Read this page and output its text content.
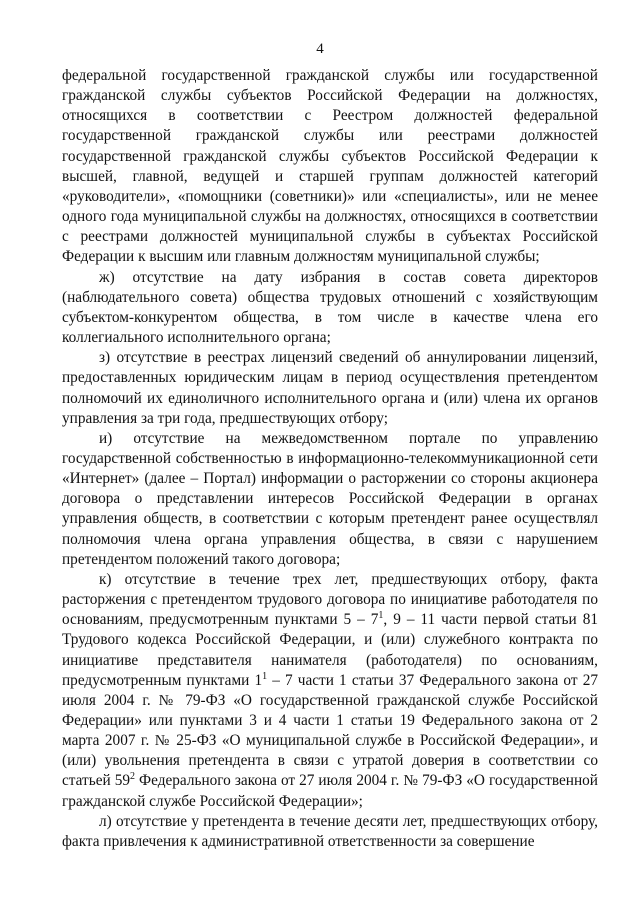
4

федеральной государственной гражданской службы или государственной гражданской службы субъектов Российской Федерации на должностях, относящихся в соответствии с Реестром должностей федеральной государственной гражданской службы или реестрами должностей государственной гражданской службы субъектов Российской Федерации к высшей, главной, ведущей и старшей группам должностей категорий «руководители», «помощники (советники)» или «специалисты», или не менее одного года муниципальной службы на должностях, относящихся в соответствии с реестрами должностей муниципальной службы в субъектах Российской Федерации к высшим или главным должностям муниципальной службы;

ж) отсутствие на дату избрания в состав совета директоров (наблюдательного совета) общества трудовых отношений с хозяйствующим субъектом-конкурентом общества, в том числе в качестве члена его коллегиального исполнительного органа;

з) отсутствие в реестрах лицензий сведений об аннулировании лицензий, предоставленных юридическим лицам в период осуществления претендентом полномочий их единоличного исполнительного органа и (или) члена их органов управления за три года, предшествующих отбору;

и) отсутствие на межведомственном портале по управлению государственной собственностью в информационно-телекоммуникационной сети «Интернет» (далее – Портал) информации о расторжении со стороны акционера договора о представлении интересов Российской Федерации в органах управления обществ, в соответствии с которым претендент ранее осуществлял полномочия члена органа управления общества, в связи с нарушением претендентом положений такого договора;

к) отсутствие в течение трех лет, предшествующих отбору, факта расторжения с претендентом трудового договора по инициативе работодателя по основаниям, предусмотренным пунктами $5 - 7^1$, 9 – 11 части первой статьи 81 Трудового кодекса Российской Федерации, и (или) служебного контракта по инициативе представителя нанимателя (работодателя) по основаниям, предусмотренным пунктами $1^1 - 7$ части 1 статьи 37 Федерального закона от 27 июля 2004 г. № 79-ФЗ «О государственной гражданской службе Российской Федерации» или пунктами 3 и 4 части 1 статьи 19 Федерального закона от 2 марта 2007 г. № 25-ФЗ «О муниципальной службе в Российской Федерации», и (или) увольнения претендента в связи с утратой доверия в соответствии со статьей $59^2$ Федерального закона от 27 июля 2004 г. № 79-ФЗ «О государственной гражданской службе Российской Федерации»;

л) отсутствие у претендента в течение десяти лет, предшествующих отбору, факта привлечения к административной ответственности за совершение
